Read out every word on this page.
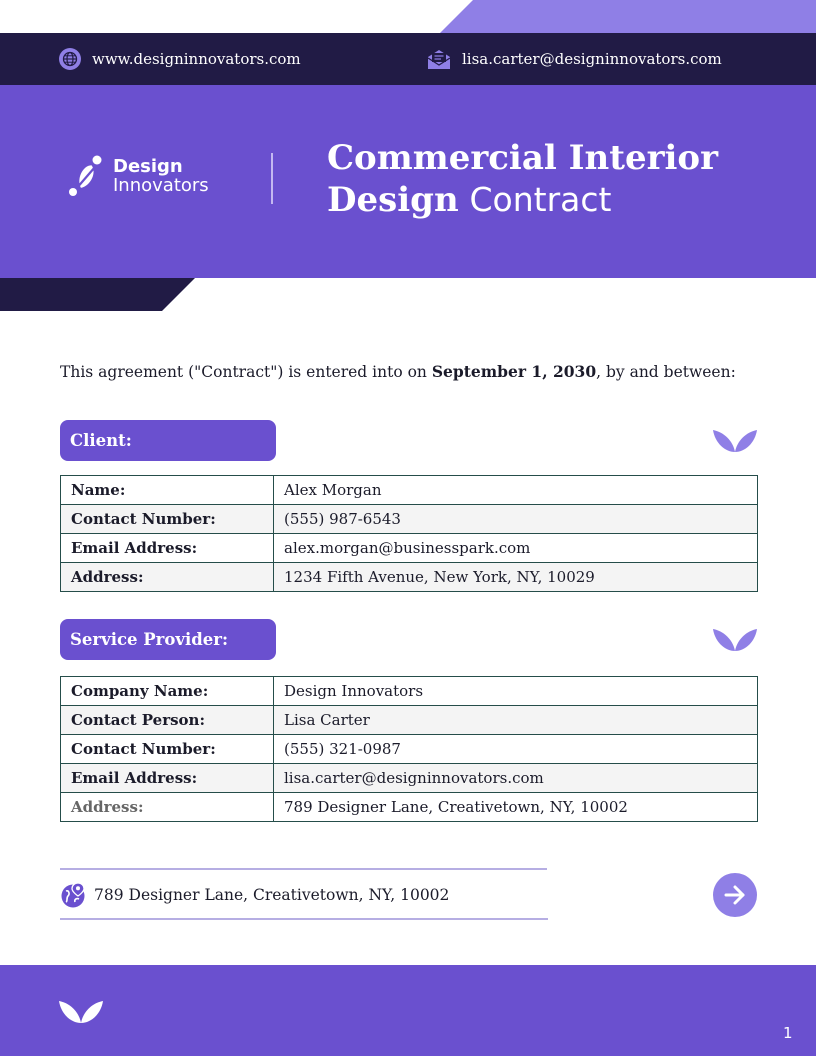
www.designinnovators.com	lisa.carter@designinnovators.com
Design
Innovators
Commercial Interior
Design Contract
This agreement ("Contract") is entered into on September 1, 2030, by and between:
Client:
Name:	Alex Morgan
Contact Number:	(555) 987-6543
Email Address:	alex.morgan@businesspark.com
Address:	1234 Fifth Avenue, New York, NY, 10029
Service Provider:
Company Name:	Design Innovators
Contact Person:	Lisa Carter
Contact Number:	(555) 321-0987
Email Address:	lisa.carter@designinnovators.com
Address:	789 Designer Lane, Creativetown, NY, 10002
789 Designer Lane, Creativetown, NY, 10002
1
